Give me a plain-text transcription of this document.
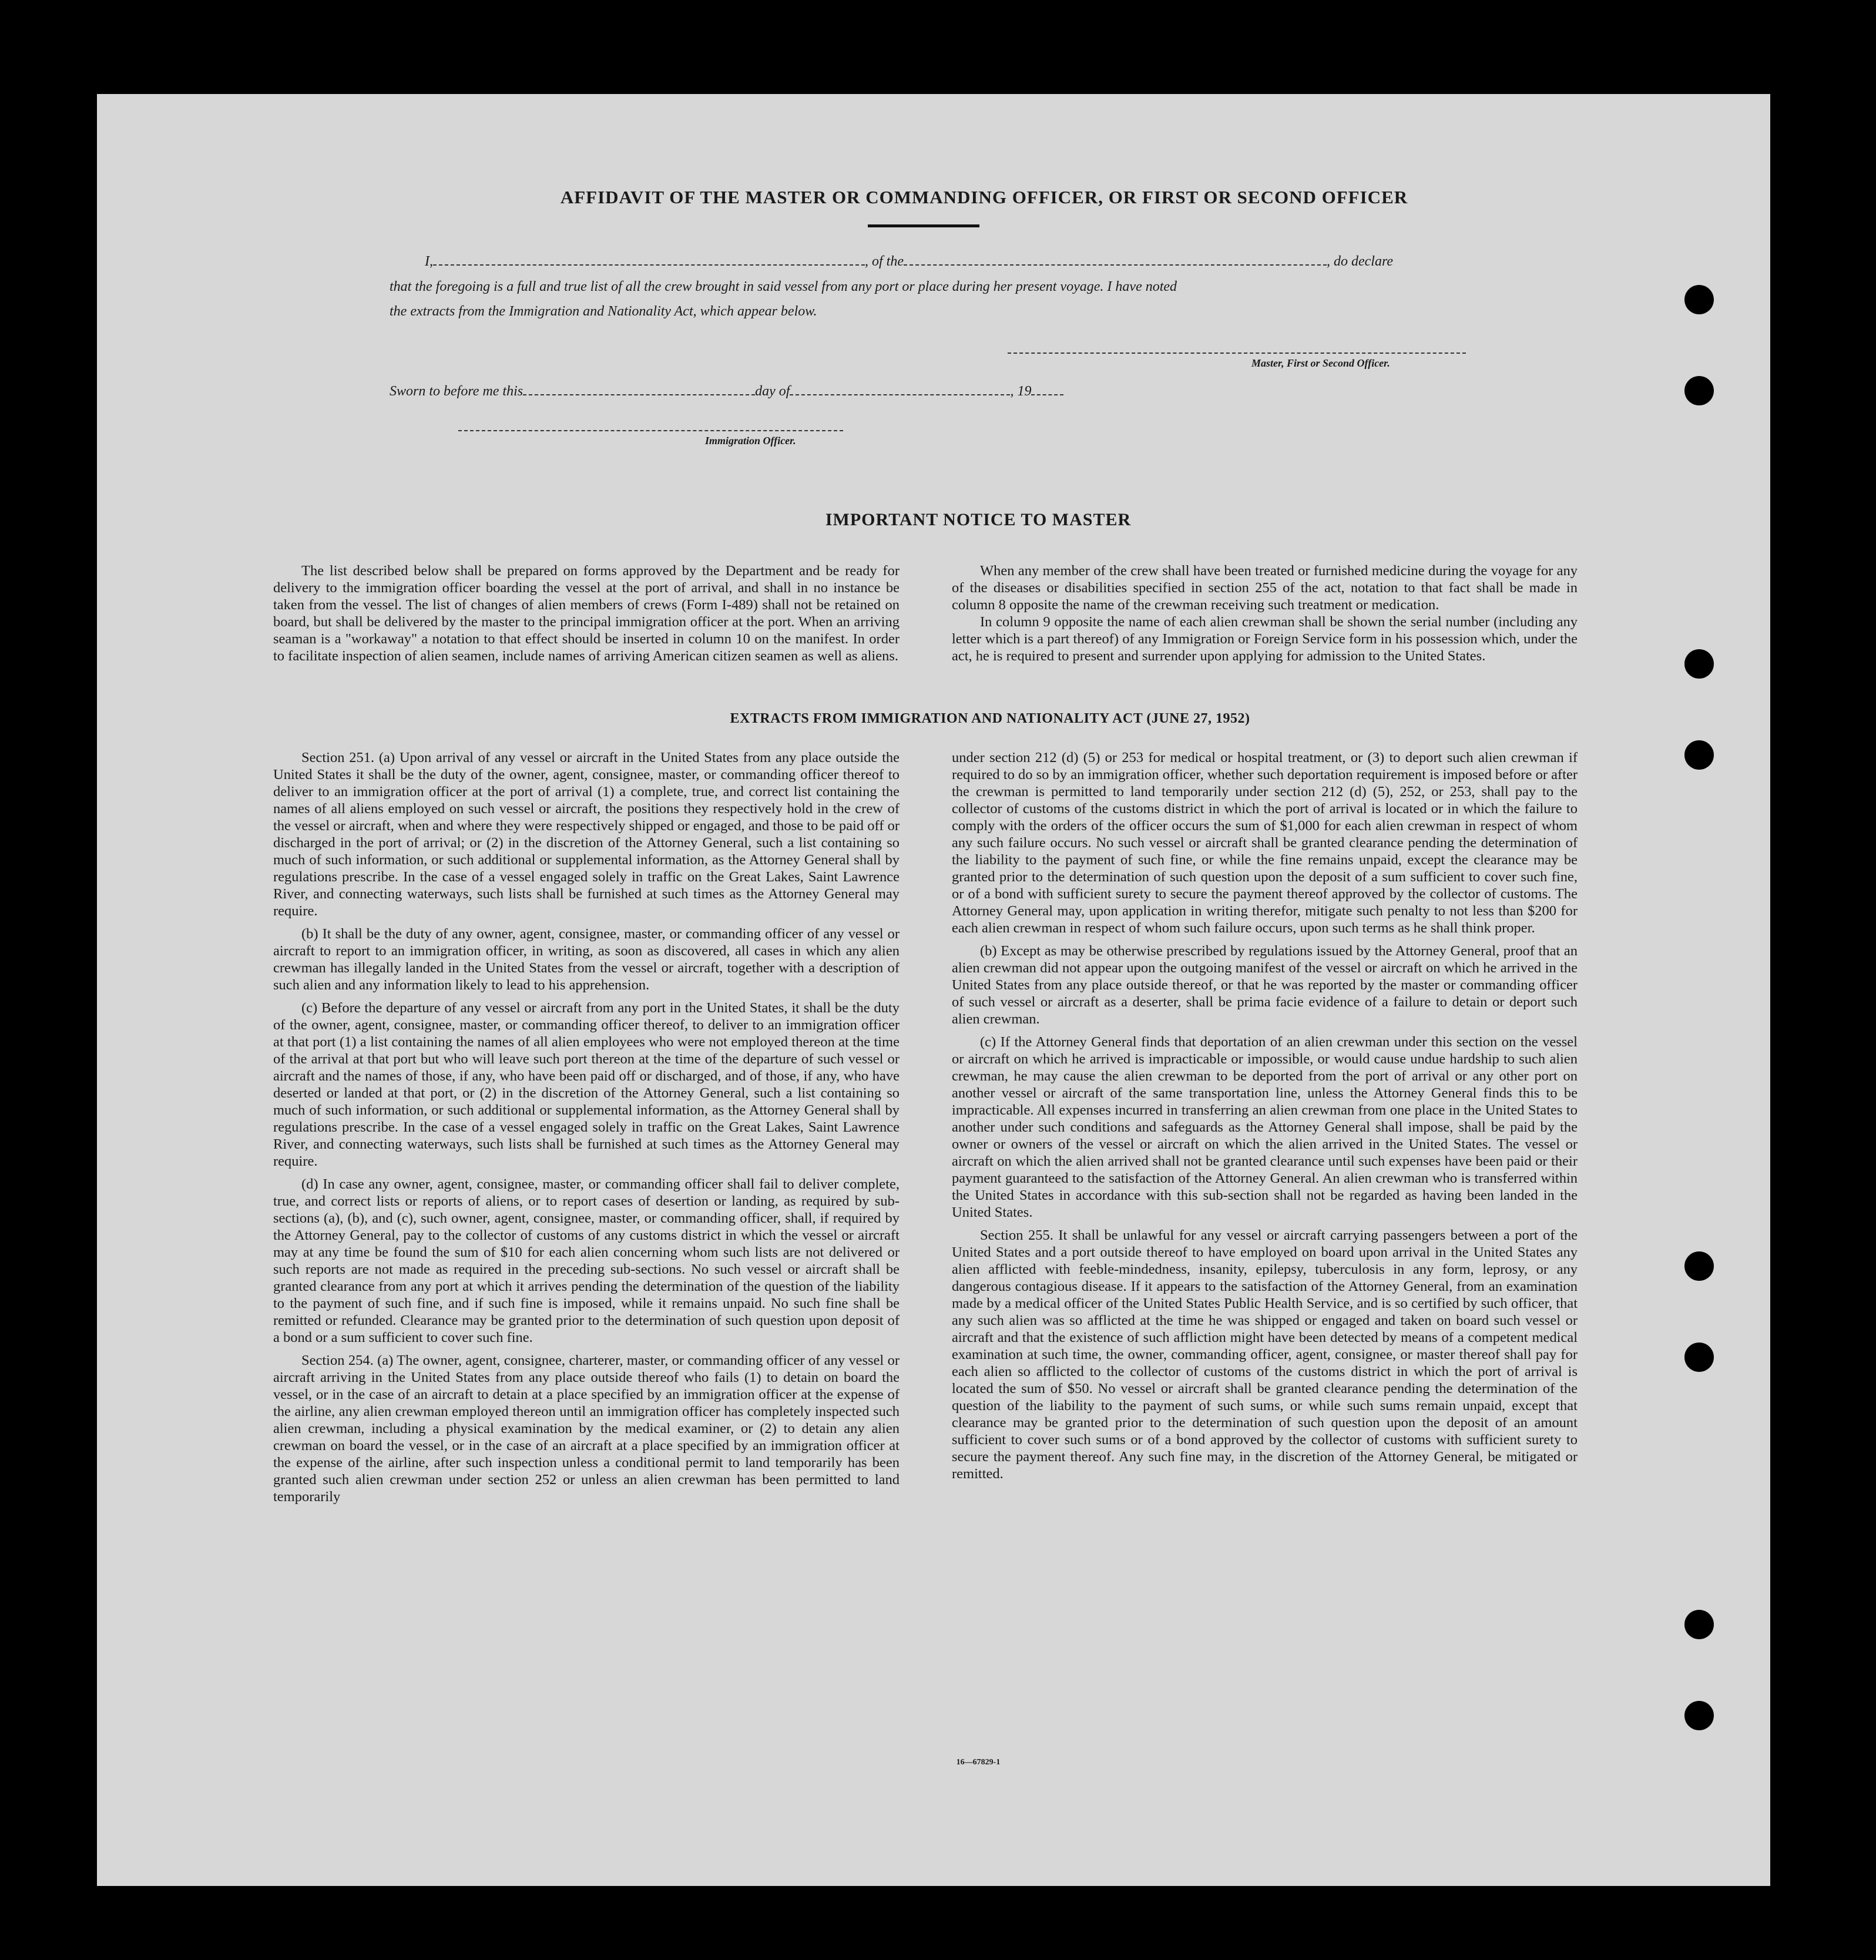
AFFIDAVIT OF THE MASTER OR COMMANDING OFFICER, OR FIRST OR SECOND OFFICER
I,	, of the	, do declare
that the foregoing is a full and true list of all the crew brought in said vessel from any port or place during her present voyage. I have noted
the extracts from the Immigration and Nationality Act, which appear below.
Master, First or Second Officer.
Sworn to before me this	day of	, 19
Immigration Officer.
IMPORTANT NOTICE TO MASTER

The list described below shall be prepared on forms approved by the Department and be ready for delivery to the immigration officer boarding the vessel at the port of arrival, and shall in no instance be taken from the vessel. The list of changes of alien members of crews (Form I-489) shall not be retained on board, but shall be delivered by the master to the principal immigration officer at the port. When an arriving seaman is a "workaway" a notation to that effect should be inserted in column 10 on the manifest. In order to facilitate inspection of alien seamen, include names of arriving American citizen seamen as well as aliens.

When any member of the crew shall have been treated or furnished medicine during the voyage for any of the diseases or disabilities specified in section 255 of the act, notation to that fact shall be made in column 8 opposite the name of the crewman receiving such treatment or medication.

In column 9 opposite the name of each alien crewman shall be shown the serial number (including any letter which is a part thereof) of any Immigration or Foreign Service form in his possession which, under the act, he is required to present and surrender upon applying for admission to the United States.

EXTRACTS FROM IMMIGRATION AND NATIONALITY ACT (JUNE 27, 1952)

Section 251. (a) Upon arrival of any vessel or aircraft in the United States from any place outside the United States it shall be the duty of the owner, agent, consignee, master, or commanding officer thereof to deliver to an immigration officer at the port of arrival (1) a complete, true, and correct list containing the names of all aliens employed on such vessel or aircraft, the positions they respectively hold in the crew of the vessel or aircraft, when and where they were respectively shipped or engaged, and those to be paid off or discharged in the port of arrival; or (2) in the discretion of the Attorney General, such a list containing so much of such information, or such additional or supplemental information, as the Attorney General shall by regulations prescribe. In the case of a vessel engaged solely in traffic on the Great Lakes, Saint Lawrence River, and connecting waterways, such lists shall be furnished at such times as the Attorney General may require.

(b) It shall be the duty of any owner, agent, consignee, master, or commanding officer of any vessel or aircraft to report to an immigration officer, in writing, as soon as discovered, all cases in which any alien crewman has illegally landed in the United States from the vessel or aircraft, together with a description of such alien and any information likely to lead to his apprehension.

(c) Before the departure of any vessel or aircraft from any port in the United States, it shall be the duty of the owner, agent, consignee, master, or commanding officer thereof, to deliver to an immigration officer at that port (1) a list containing the names of all alien employees who were not employed thereon at the time of the arrival at that port but who will leave such port thereon at the time of the departure of such vessel or aircraft and the names of those, if any, who have been paid off or discharged, and of those, if any, who have deserted or landed at that port, or (2) in the discretion of the Attorney General, such a list containing so much of such information, or such additional or supplemental information, as the Attorney General shall by regulations prescribe. In the case of a vessel engaged solely in traffic on the Great Lakes, Saint Lawrence River, and connecting waterways, such lists shall be furnished at such times as the Attorney General may require.

(d) In case any owner, agent, consignee, master, or commanding officer shall fail to deliver complete, true, and correct lists or reports of aliens, or to report cases of desertion or landing, as required by sub-sections (a), (b), and (c), such owner, agent, consignee, master, or commanding officer, shall, if required by the Attorney General, pay to the collector of customs of any customs district in which the vessel or aircraft may at any time be found the sum of $10 for each alien concerning whom such lists are not delivered or such reports are not made as required in the preceding sub-sections. No such vessel or aircraft shall be granted clearance from any port at which it arrives pending the determination of the question of the liability to the payment of such fine, and if such fine is imposed, while it remains unpaid. No such fine shall be remitted or refunded. Clearance may be granted prior to the determination of such question upon deposit of a bond or a sum sufficient to cover such fine.

Section 254. (a) The owner, agent, consignee, charterer, master, or commanding officer of any vessel or aircraft arriving in the United States from any place outside thereof who fails (1) to detain on board the vessel, or in the case of an aircraft to detain at a place specified by an immigration officer at the expense of the airline, any alien crewman employed thereon until an immigration officer has completely inspected such alien crewman, including a physical examination by the medical examiner, or (2) to detain any alien crewman on board the vessel, or in the case of an aircraft at a place specified by an immigration officer at the expense of the airline, after such inspection unless a conditional permit to land temporarily has been granted such alien crewman under section 252 or unless an alien crewman has been permitted to land temporarily

under section 212 (d) (5) or 253 for medical or hospital treatment, or (3) to deport such alien crewman if required to do so by an immigration officer, whether such deportation requirement is imposed before or after the crewman is permitted to land temporarily under section 212 (d) (5), 252, or 253, shall pay to the collector of customs of the customs district in which the port of arrival is located or in which the failure to comply with the orders of the officer occurs the sum of $1,000 for each alien crewman in respect of whom any such failure occurs. No such vessel or aircraft shall be granted clearance pending the determination of the liability to the payment of such fine, or while the fine remains unpaid, except the clearance may be granted prior to the determination of such question upon the deposit of a sum sufficient to cover such fine, or of a bond with sufficient surety to secure the payment thereof approved by the collector of customs. The Attorney General may, upon application in writing therefor, mitigate such penalty to not less than $200 for each alien crewman in respect of whom such failure occurs, upon such terms as he shall think proper.

(b) Except as may be otherwise prescribed by regulations issued by the Attorney General, proof that an alien crewman did not appear upon the outgoing manifest of the vessel or aircraft on which he arrived in the United States from any place outside thereof, or that he was reported by the master or commanding officer of such vessel or aircraft as a deserter, shall be prima facie evidence of a failure to detain or deport such alien crewman.

(c) If the Attorney General finds that deportation of an alien crewman under this section on the vessel or aircraft on which he arrived is impracticable or impossible, or would cause undue hardship to such alien crewman, he may cause the alien crewman to be deported from the port of arrival or any other port on another vessel or aircraft of the same transportation line, unless the Attorney General finds this to be impracticable. All expenses incurred in transferring an alien crewman from one place in the United States to another under such conditions and safeguards as the Attorney General shall impose, shall be paid by the owner or owners of the vessel or aircraft on which the alien arrived in the United States. The vessel or aircraft on which the alien arrived shall not be granted clearance until such expenses have been paid or their payment guaranteed to the satisfaction of the Attorney General. An alien crewman who is transferred within the United States in accordance with this sub-section shall not be regarded as having been landed in the United States.

Section 255. It shall be unlawful for any vessel or aircraft carrying passengers between a port of the United States and a port outside thereof to have employed on board upon arrival in the United States any alien afflicted with feeble-mindedness, insanity, epilepsy, tuberculosis in any form, leprosy, or any dangerous contagious disease. If it appears to the satisfaction of the Attorney General, from an examination made by a medical officer of the United States Public Health Service, and is so certified by such officer, that any such alien was so afflicted at the time he was shipped or engaged and taken on board such vessel or aircraft and that the existence of such affliction might have been detected by means of a competent medical examination at such time, the owner, commanding officer, agent, consignee, or master thereof shall pay for each alien so afflicted to the collector of customs of the customs district in which the port of arrival is located the sum of $50. No vessel or aircraft shall be granted clearance pending the determination of the question of the liability to the payment of such sums, or while such sums remain unpaid, except that clearance may be granted prior to the determination of such question upon the deposit of an amount sufficient to cover such sums or of a bond approved by the collector of customs with sufficient surety to secure the payment thereof. Any such fine may, in the discretion of the Attorney General, be mitigated or remitted.

16—67829-1
